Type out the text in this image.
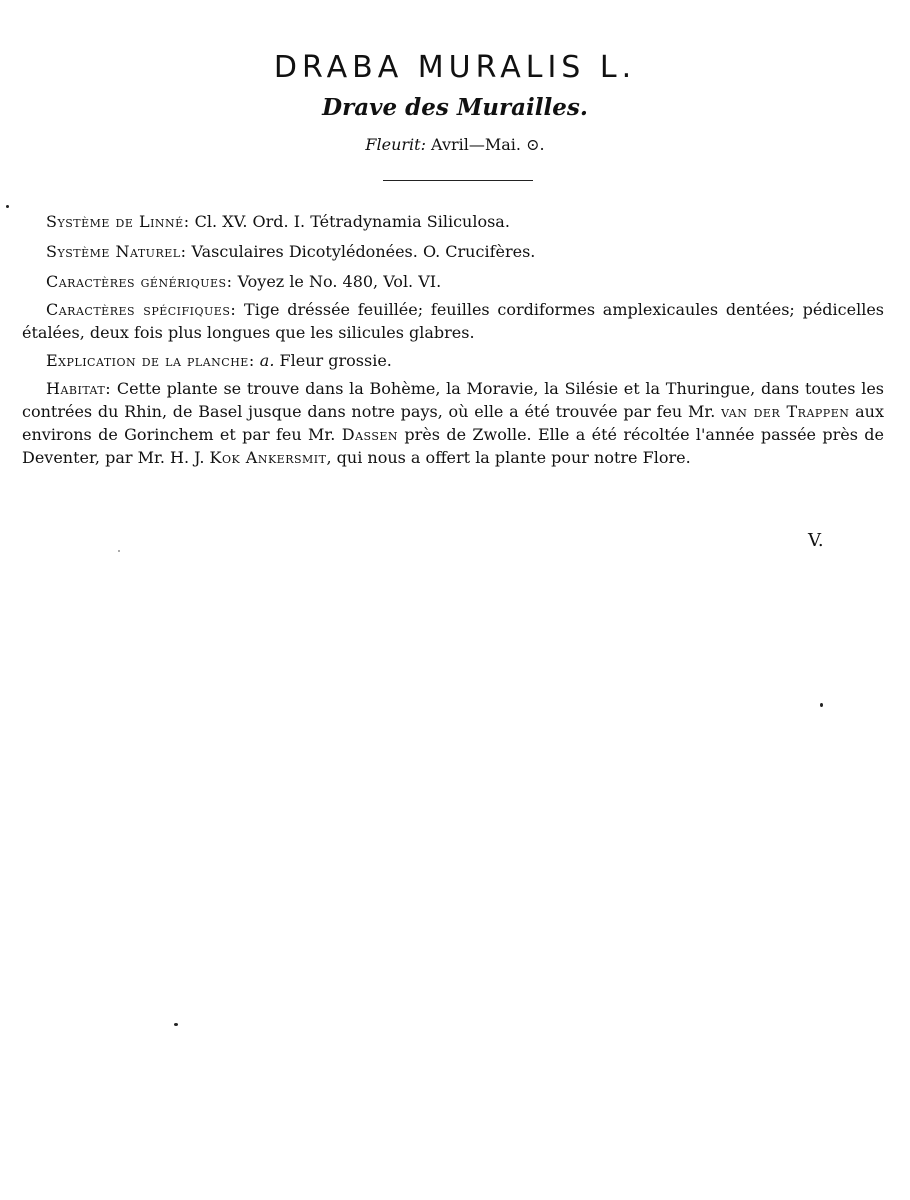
DRABA MURALIS L.
Drave des Murailles.
Fleurit: Avril—Mai. ⊙.

Système de Linné: Cl. XV. Ord. I. Tétradynamia Siliculosa.

Système Naturel: Vasculaires Dicotylédonées. O. Crucifères.

Caractères génériques: Voyez le No. 480, Vol. VI.

Caractères spécifiques: Tige dréssée feuillée; feuilles cordiformes amplexicaules dentées; pédicelles étalées, deux fois plus longues que les silicules glabres.

Explication de la planche: a. Fleur grossie.

Habitat: Cette plante se trouve dans la Bohème, la Moravie, la Silésie et la Thuringue, dans toutes les contrées du Rhin, de Basel jusque dans notre pays, où elle a été trouvée par feu Mr. van der Trappen aux environs de Gorinchem et par feu Mr. Dassen près de Zwolle. Elle a été récoltée l'année passée près de Deventer, par Mr. H. J. Kok Ankersmit, qui nous a offert la plante pour notre Flore.

V.
